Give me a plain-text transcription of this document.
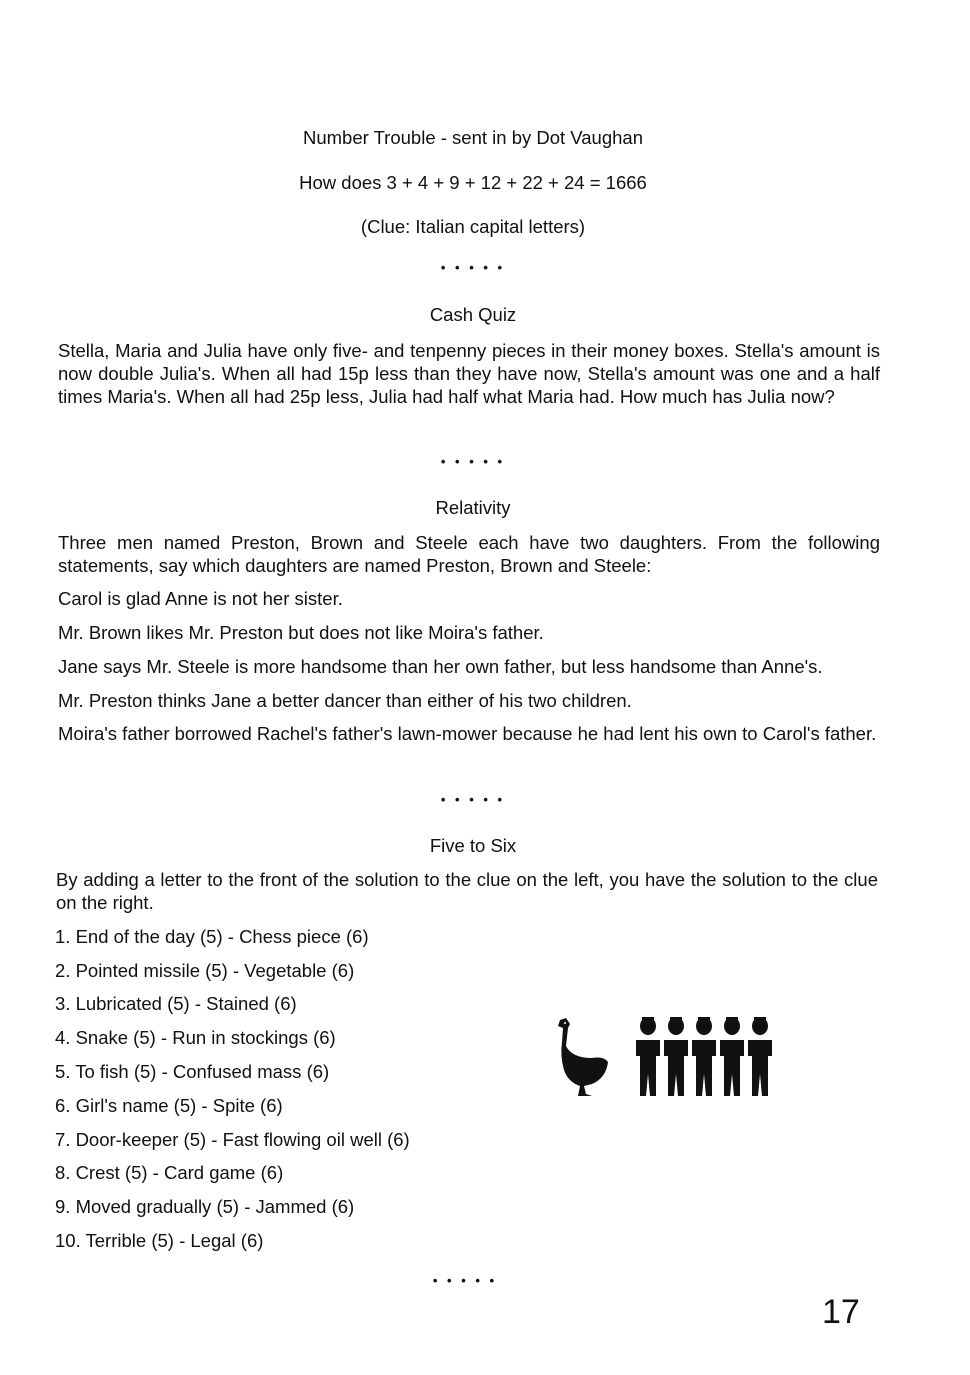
Number Trouble - sent in by Dot Vaughan
How does 3 + 4 + 9 + 12 + 22 + 24 = 1666
(Clue: Italian capital letters)
• • • • •
Cash Quiz
Stella, Maria and Julia have only five- and tenpenny pieces in their money boxes. Stella's amount is now double Julia's. When all had 15p less than they have now, Stella's amount was one and a half times Maria's. When all had 25p less, Julia had half what Maria had. How much has Julia now?
• • • • •
Relativity
Three men named Preston, Brown and Steele each have two daughters. From the following statements, say which daughters are named Preston, Brown and Steele:
Carol is glad Anne is not her sister.
Mr. Brown likes Mr. Preston but does not like Moira's father.
Jane says Mr. Steele is more handsome than her own father, but less handsome than Anne's.
Mr. Preston thinks Jane a better dancer than either of his two children.
Moira's father borrowed Rachel's father's lawn-mower because he had lent his own to Carol's father.
• • • • •
Five to Six
By adding a letter to the front of the solution to the clue on the left, you have the solution to the clue on the right.
1. End of the day (5) - Chess piece (6)
2. Pointed missile (5) - Vegetable (6)
3. Lubricated (5) - Stained (6)
4. Snake (5) - Run in stockings (6)
5. To fish (5) - Confused mass (6)
6. Girl's name (5) - Spite (6)
7. Door-keeper (5) - Fast flowing oil well (6)
8. Crest (5) - Card game (6)
9. Moved gradually (5) - Jammed (6)
10. Terrible (5) - Legal (6)
• • • • •
17
